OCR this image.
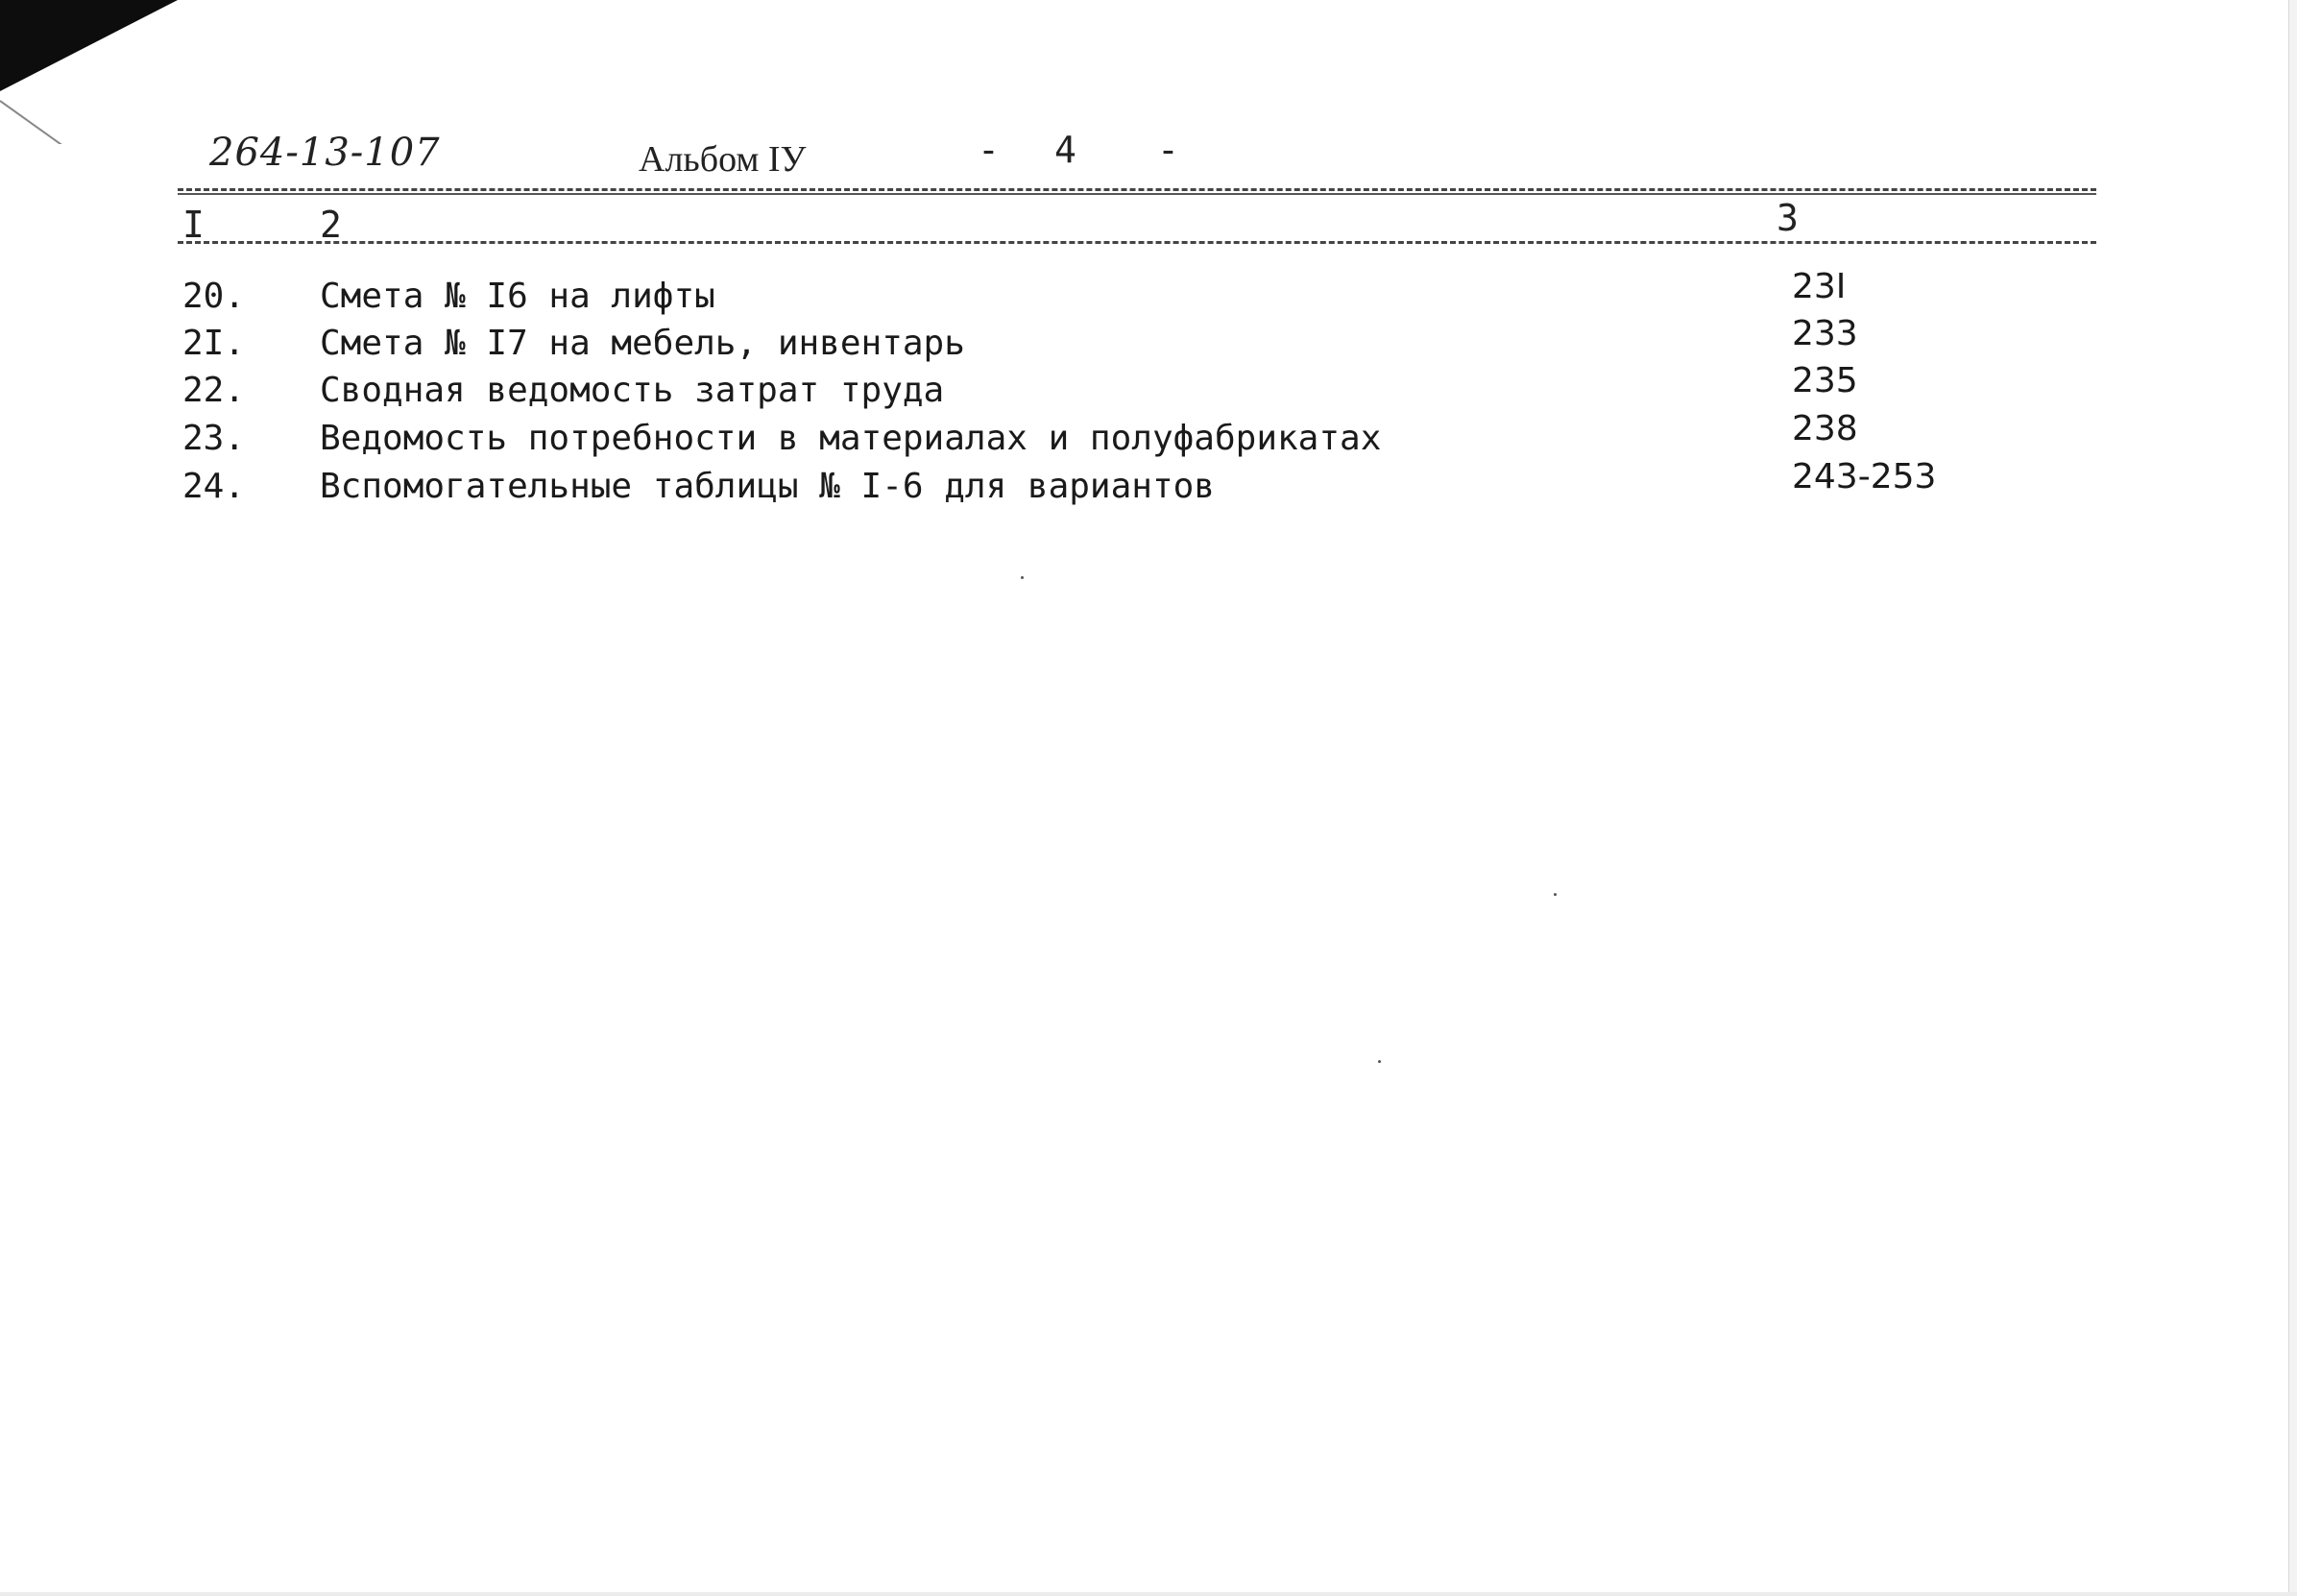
264-13-107	Альбом IУ	- 4 -
I	2	3
20. Смета № I6 на лифты	23I
2I. Смета № I7 на мебель, инвентарь	233
22. Сводная ведомость затрат труда	235
23. Ведомость потребности в материалах и полуфабрикатах	238
24. Вспомогательные таблицы № I-6 для вариантов	243-253
